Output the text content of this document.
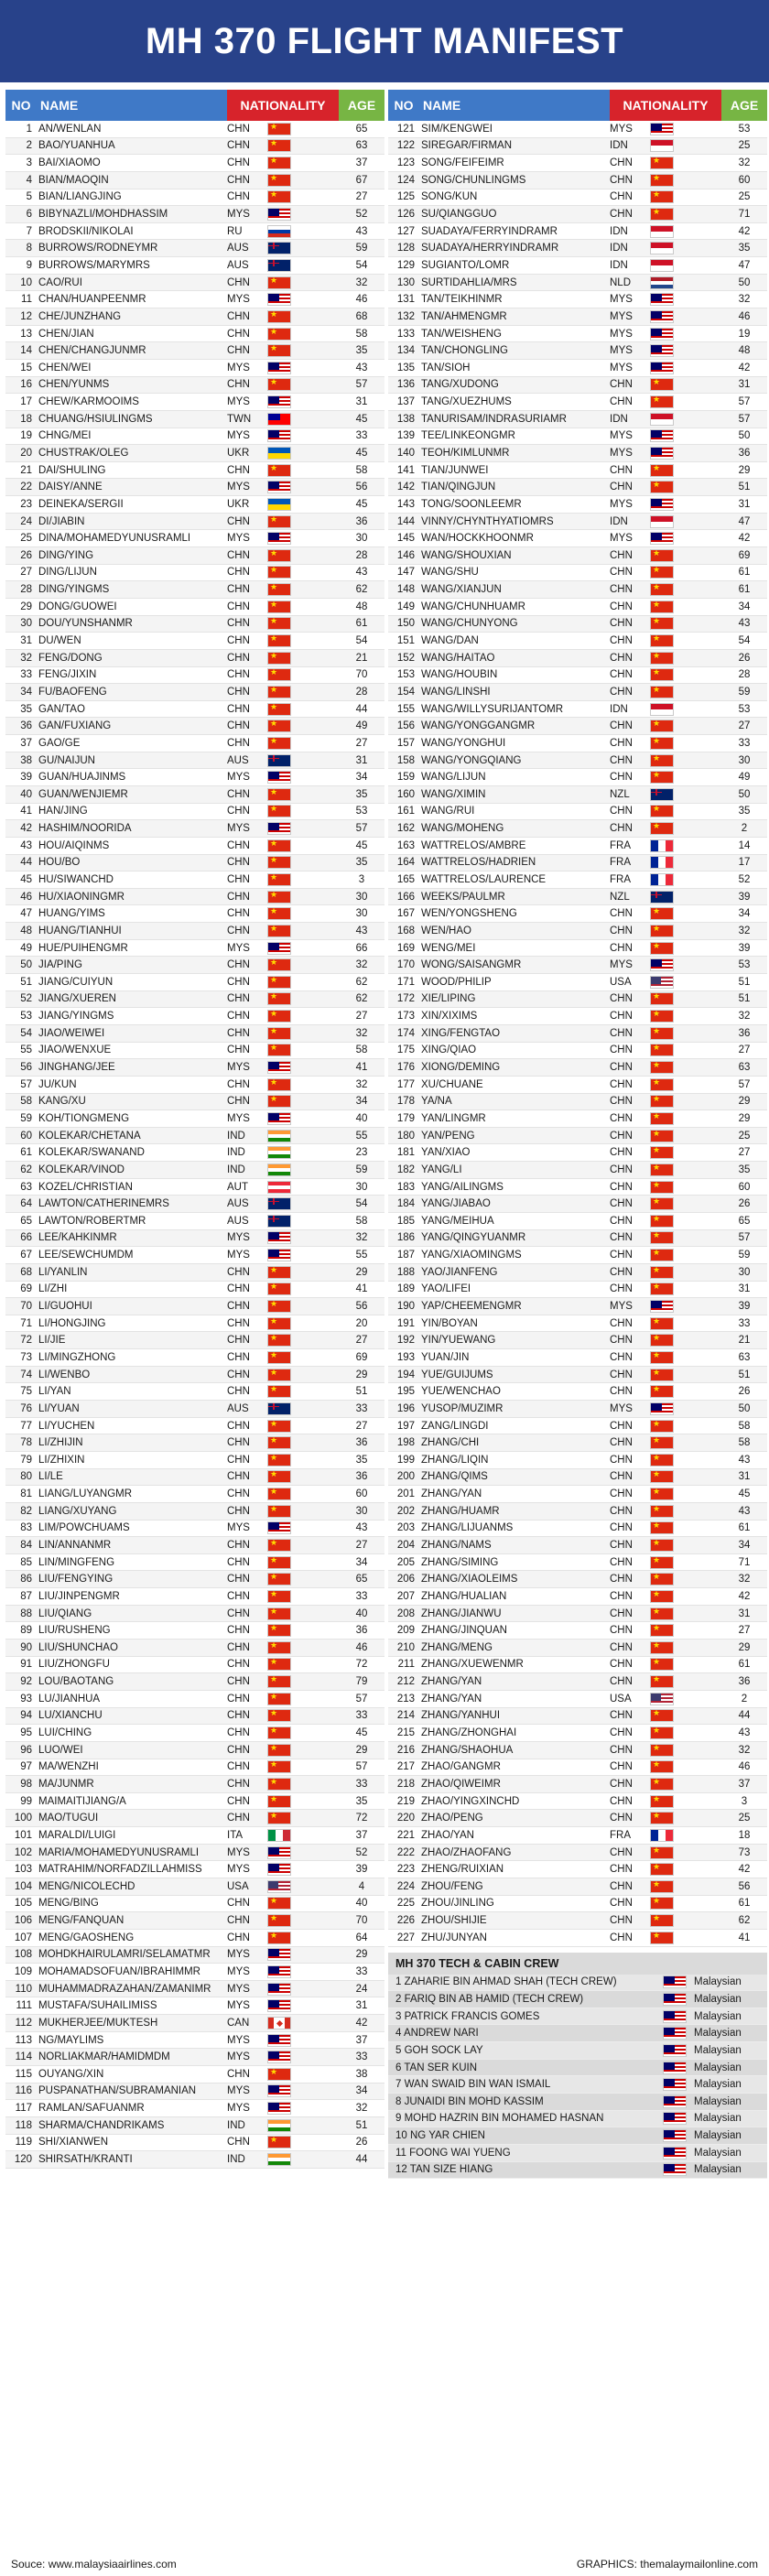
MH 370 FLIGHT MANIFEST
NO NAME	NATIONALITY	AGE
1 AN/WENLAN	CHN ★	65
2 BAO/YUANHUA	CHN ★	63
3 BAI/XIAOMO	CHN ★	37
4 BIAN/MAOQIN	CHN ★	67
5 BIAN/LIANGJING	CHN ★	27
6 BIBYNAZLI/MOHDHASSIM	MYS	52
7 BRODSKII/NIKOLAI	RU	43
8 BURROWS/RODNEYMR	AUS	59
9 BURROWS/MARYMRS	AUS	54
10 CAO/RUI	CHN ★	32
11 CHAN/HUANPEENMR	MYS	46
12 CHE/JUNZHANG	CHN ★	68
13 CHEN/JIAN	CHN ★	58
14 CHEN/CHANGJUNMR	CHN ★	35
15 CHEN/WEI	MYS	43
16 CHEN/YUNMS	CHN ★	57
17 CHEW/KARMOOIMS	MYS	31
18 CHUANG/HSIULINGMS	TWN	45
19 CHNG/MEI	MYS	33
20 CHUSTRAK/OLEG	UKR	45
21 DAI/SHULING	CHN ★	58
22 DAISY/ANNE	MYS	56
23 DEINEKA/SERGII	UKR	45
24 DI/JIABIN	CHN ★	36
25 DINA/MOHAMEDYUNUSRAMLI	MYS	30
26 DING/YING	CHN ★	28
27 DING/LIJUN	CHN ★	43
28 DING/YINGMS	CHN ★	62
29 DONG/GUOWEI	CHN ★	48
30 DOU/YUNSHANMR	CHN ★	61
31 DU/WEN	CHN ★	54
32 FENG/DONG	CHN ★	21
33 FENG/JIXIN	CHN ★	70
34 FU/BAOFENG	CHN ★	28
35 GAN/TAO	CHN ★	44
36 GAN/FUXIANG	CHN ★	49
37 GAO/GE	CHN ★	27
38 GU/NAIJUN	AUS	31
39 GUAN/HUAJINMS	MYS	34
40 GUAN/WENJIEMR	CHN ★	35
41 HAN/JING	CHN ★	53
42 HASHIM/NOORIDA	MYS	57
43 HOU/AIQINMS	CHN ★	45
44 HOU/BO	CHN ★	35
45 HU/SIWANCHD	CHN ★	3
46 HU/XIAONINGMR	CHN ★	30
47 HUANG/YIMS	CHN ★	30
48 HUANG/TIANHUI	CHN ★	43
49 HUE/PUIHENGMR	MYS	66
50 JIA/PING	CHN ★	32
51 JIANG/CUIYUN	CHN ★	62
52 JIANG/XUEREN	CHN ★	62
53 JIANG/YINGMS	CHN ★	27
54 JIAO/WEIWEI	CHN ★	32
55 JIAO/WENXUE	CHN ★	58
56 JINGHANG/JEE	MYS	41
57 JU/KUN	CHN ★	32
58 KANG/XU	CHN ★	34
59 KOH/TIONGMENG	MYS	40
60 KOLEKAR/CHETANA	IND	55
61 KOLEKAR/SWANAND	IND	23
62 KOLEKAR/VINOD	IND	59
63 KOZEL/CHRISTIAN	AUT	30
64 LAWTON/CATHERINEMRS	AUS	54
65 LAWTON/ROBERTMR	AUS	58
66 LEE/KAHKINMR	MYS	32
67 LEE/SEWCHUMDM	MYS	55
68 LI/YANLIN	CHN ★	29
69 LI/ZHI	CHN ★	41
70 LI/GUOHUI	CHN ★	56
71 LI/HONGJING	CHN ★	20
72 LI/JIE	CHN ★	27
73 LI/MINGZHONG	CHN ★	69
74 LI/WENBO	CHN ★	29
75 LI/YAN	CHN ★	51
76 LI/YUAN	AUS	33
77 LI/YUCHEN	CHN ★	27
78 LI/ZHIJIN	CHN ★	36
79 LI/ZHIXIN	CHN ★	35
80 LI/LE	CHN ★	36
81 LIANG/LUYANGMR	CHN ★	60
82 LIANG/XUYANG	CHN ★	30
83 LIM/POWCHUAMS	MYS	43
84 LIN/ANNANMR	CHN ★	27
85 LIN/MINGFENG	CHN ★	34
86 LIU/FENGYING	CHN ★	65
87 LIU/JINPENGMR	CHN ★	33
88 LIU/QIANG	CHN ★	40
89 LIU/RUSHENG	CHN ★	36
90 LIU/SHUNCHAO	CHN ★	46
91 LIU/ZHONGFU	CHN ★	72
92 LOU/BAOTANG	CHN ★	79
93 LU/JIANHUA	CHN ★	57
94 LU/XIANCHU	CHN ★	33
95 LUI/CHING	CHN ★	45
96 LUO/WEI	CHN ★	29
97 MA/WENZHI	CHN ★	57
98 MA/JUNMR	CHN ★	33
99 MAIMAITIJIANG/A	CHN ★	35
100 MAO/TUGUI	CHN ★	72
101 MARALDI/LUIGI	ITA	37
102 MARIA/MOHAMEDYUNUSRAMLI	MYS	52
103 MATRAHIM/NORFADZILLAHMISS	MYS	39
104 MENG/NICOLECHD	USA	4
105 MENG/BING	CHN ★	40
106 MENG/FANQUAN	CHN ★	70
107 MENG/GAOSHENG	CHN ★	64
108 MOHDKHAIRULAMRI/SELAMATMR	MYS	29
109 MOHAMADSOFUAN/IBRAHIMMR	MYS	33
110 MUHAMMADRAZAHAN/ZAMANIMR	MYS	24
111 MUSTAFA/SUHAILIMISS	MYS	31
112 MUKHERJEE/MUKTESH	CAN	42
113 NG/MAYLIMS	MYS	37
114 NORLIAKMAR/HAMIDMDM	MYS	33
115 OUYANG/XIN	CHN ★	38
116 PUSPANATHAN/SUBRAMANIAN	MYS	34
117 RAMLAN/SAFUANMR	MYS	32
118 SHARMA/CHANDRIKAMS	IND	51
119 SHI/XIANWEN	CHN ★	26
120 SHIRSATH/KRANTI	IND	44
NO NAME	NATIONALITY	AGE
121 SIM/KENGWEI	MYS	53
122 SIREGAR/FIRMAN	IDN	25
123 SONG/FEIFEIMR	CHN ★	32
124 SONG/CHUNLINGMS	CHN ★	60
125 SONG/KUN	CHN ★	25
126 SU/QIANGGUO	CHN ★	71
127 SUADAYA/FERRYINDRAMR	IDN	42
128 SUADAYA/HERRYINDRAMR	IDN	35
129 SUGIANTO/LOMR	IDN	47
130 SURTIDAHLIA/MRS	NLD	50
131 TAN/TEIKHINMR	MYS	32
132 TAN/AHMENGMR	MYS	46
133 TAN/WEISHENG	MYS	19
134 TAN/CHONGLING	MYS	48
135 TAN/SIOH	MYS	42
136 TANG/XUDONG	CHN ★	31
137 TANG/XUEZHUMS	CHN ★	57
138 TANURISAM/INDRASURIAMR	IDN	57
139 TEE/LINKEONGMR	MYS	50
140 TEOH/KIMLUNMR	MYS	36
141 TIAN/JUNWEI	CHN ★	29
142 TIAN/QINGJUN	CHN ★	51
143 TONG/SOONLEEMR	MYS	31
144 VINNY/CHYNTHYATIOMRS	IDN	47
145 WAN/HOCKKHOONMR	MYS	42
146 WANG/SHOUXIAN	CHN ★	69
147 WANG/SHU	CHN ★	61
148 WANG/XIANJUN	CHN ★	61
149 WANG/CHUNHUAMR	CHN ★	34
150 WANG/CHUNYONG	CHN ★	43
151 WANG/DAN	CHN ★	54
152 WANG/HAITAO	CHN ★	26
153 WANG/HOUBIN	CHN ★	28
154 WANG/LINSHI	CHN ★	59
155 WANG/WILLYSURIJANTOMR	IDN	53
156 WANG/YONGGANGMR	CHN ★	27
157 WANG/YONGHUI	CHN ★	33
158 WANG/YONGQIANG	CHN ★	30
159 WANG/LIJUN	CHN ★	49
160 WANG/XIMIN	NZL	50
161 WANG/RUI	CHN ★	35
162 WANG/MOHENG	CHN ★	2
163 WATTRELOS/AMBRE	FRA	14
164 WATTRELOS/HADRIEN	FRA	17
165 WATTRELOS/LAURENCE	FRA	52
166 WEEKS/PAULMR	NZL	39
167 WEN/YONGSHENG	CHN ★	34
168 WEN/HAO	CHN ★	32
169 WENG/MEI	CHN ★	39
170 WONG/SAISANGMR	MYS	53
171 WOOD/PHILIP	USA	51
172 XIE/LIPING	CHN ★	51
173 XIN/XIXIMS	CHN ★	32
174 XING/FENGTAO	CHN ★	36
175 XING/QIAO	CHN ★	27
176 XIONG/DEMING	CHN ★	63
177 XU/CHUANE	CHN ★	57
178 YA/NA	CHN ★	29
179 YAN/LINGMR	CHN ★	29
180 YAN/PENG	CHN ★	25
181 YAN/XIAO	CHN ★	27
182 YANG/LI	CHN ★	35
183 YANG/AILINGMS	CHN ★	60
184 YANG/JIABAO	CHN ★	26
185 YANG/MEIHUA	CHN ★	65
186 YANG/QINGYUANMR	CHN ★	57
187 YANG/XIAOMINGMS	CHN ★	59
188 YAO/JIANFENG	CHN ★	30
189 YAO/LIFEI	CHN ★	31
190 YAP/CHEEMENGMR	MYS	39
191 YIN/BOYAN	CHN ★	33
192 YIN/YUEWANG	CHN ★	21
193 YUAN/JIN	CHN ★	63
194 YUE/GUIJUMS	CHN ★	51
195 YUE/WENCHAO	CHN ★	26
196 YUSOP/MUZIMR	MYS	50
197 ZANG/LINGDI	CHN ★	58
198 ZHANG/CHI	CHN ★	58
199 ZHANG/LIQIN	CHN ★	43
200 ZHANG/QIMS	CHN ★	31
201 ZHANG/YAN	CHN ★	45
202 ZHANG/HUAMR	CHN ★	43
203 ZHANG/LIJUANMS	CHN ★	61
204 ZHANG/NAMS	CHN ★	34
205 ZHANG/SIMING	CHN ★	71
206 ZHANG/XIAOLEIMS	CHN ★	32
207 ZHANG/HUALIAN	CHN ★	42
208 ZHANG/JIANWU	CHN ★	31
209 ZHANG/JINQUAN	CHN ★	27
210 ZHANG/MENG	CHN ★	29
211 ZHANG/XUEWENMR	CHN ★	61
212 ZHANG/YAN	CHN ★	36
213 ZHANG/YAN	USA	2
214 ZHANG/YANHUI	CHN ★	44
215 ZHANG/ZHONGHAI	CHN ★	43
216 ZHANG/SHAOHUA	CHN ★	32
217 ZHAO/GANGMR	CHN ★	46
218 ZHAO/QIWEIMR	CHN ★	37
219 ZHAO/YINGXINCHD	CHN ★	3
220 ZHAO/PENG	CHN ★	25
221 ZHAO/YAN	FRA	18
222 ZHAO/ZHAOFANG	CHN ★	73
223 ZHENG/RUIXIAN	CHN ★	42
224 ZHOU/FENG	CHN ★	56
225 ZHOU/JINLING	CHN ★	61
226 ZHOU/SHIJIE	CHN ★	62
227 ZHU/JUNYAN	CHN ★	41
MH 370 TECH & CABIN CREW
1 ZAHARIE BIN AHMAD SHAH (TECH CREW)	Malaysian
2 FARIQ BIN AB HAMID (TECH CREW)	Malaysian
3 PATRICK FRANCIS GOMES	Malaysian
4 ANDREW NARI	Malaysian
5 GOH SOCK LAY	Malaysian
6 TAN SER KUIN	Malaysian
7 WAN SWAID BIN WAN ISMAIL	Malaysian
8 JUNAIDI BIN MOHD KASSIM	Malaysian
9 MOHD HAZRIN BIN MOHAMED HASNAN	Malaysian
10 NG YAR CHIEN	Malaysian
11 FOONG WAI YUENG	Malaysian
12 TAN SIZE HIANG	Malaysian
Souce: www.malaysiaairlines.com	GRAPHICS: themalaymailonline.com
